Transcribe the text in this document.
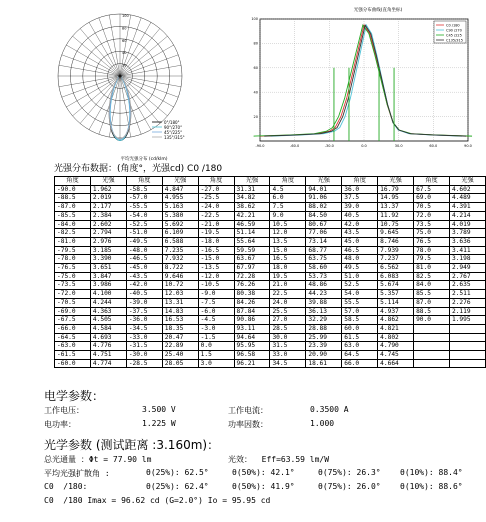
20
40
60
80
100
0°/180°
90°/270°
45°/225°
135°/315°
平均光强分布 (cd/klm)
光强分布曲线(直角坐标)
-90.0	-60.0	-30.0	0.0	30.0	60.0	90.0
20
40
60
80
100
C0 /180
C90 /270
C45 /225
C135/315
光强分布数据：(角度°，光强cd) C0 /180
角度	光强	角度	光强	角度	光强	角度	光强	角度	光强	角度	光强
-90.0	1.962	-58.5	4.847	-27.0	31.31	4.5	94.01	36.0	16.79	67.5	4.602
-88.5	2.019	-57.0	4.955	-25.5	34.82	6.0	91.06	37.5	14.95	69.0	4.489
-87.0	2.177	-55.5	5.163	-24.0	38.62	7.5	88.02	39.0	13.37	70.5	4.391
-85.5	2.384	-54.0	5.380	-22.5	42.21	9.0	84.50	40.5	11.92	72.0	4.214
-84.0	2.602	-52.5	5.692	-21.0	46.59	10.5	80.67	42.0	10.75	73.5	4.019
-82.5	2.794	-51.0	6.109	-19.5	51.14	12.0	77.06	43.5	9.645	75.0	3.789
-81.0	2.976	-49.5	6.588	-18.0	55.64	13.5	73.14	45.0	8.746	76.5	3.636
-79.5	3.185	-48.0	7.235	-16.5	59.59	15.0	68.77	46.5	7.939	78.0	3.411
-78.0	3.390	-46.5	7.932	-15.0	63.67	16.5	63.75	48.0	7.237	79.5	3.198
-76.5	3.651	-45.0	8.722	-13.5	67.97	18.0	58.60	49.5	6.562	81.0	2.949
-75.0	3.847	-43.5	9.646	-12.0	72.28	19.5	53.73	51.0	6.083	82.5	2.767
-73.5	3.986	-42.0	10.72	-10.5	76.26	21.0	48.86	52.5	5.674	84.0	2.635
-72.0	4.100	-40.5	12.03	-9.0	80.38	22.5	44.23	54.0	5.357	85.5	2.511
-70.5	4.244	-39.0	13.31	-7.5	84.26	24.0	39.88	55.5	5.114	87.0	2.276
-69.0	4.363	-37.5	14.83	-6.0	87.84	25.5	36.13	57.0	4.937	88.5	2.119
-67.5	4.505	-36.0	16.53	-4.5	90.86	27.0	32.29	58.5	4.862	90.0	1.995
-66.0	4.584	-34.5	18.35	-3.0	93.11	28.5	28.88	60.0	4.821		
-64.5	4.693	-33.0	20.47	-1.5	94.64	30.0	25.99	61.5	4.802		
-63.0	4.776	-31.5	22.89	0.0	95.95	31.5	23.39	63.0	4.790		
-61.5	4.751	-30.0	25.40	1.5	96.58	33.0	20.90	64.5	4.745		
-60.0	4.774	-28.5	28.05	3.0	96.21	34.5	18.61	66.0	4.664		
电学参数：
工作电压：	3.500 V	工作电流：	0.3500 A
电功率：	1.225 W	功率因数：	1.000
光学参数 (测试距离 :3.160m)：
总光通量 ：Φt = 77.90 lm	光效：  Eff=63.59 lm/W
平均光强扩散角 :	θ(25%): 62.5°	θ(50%): 42.1°	θ(75%): 26.3° θ(10%): 88.4°
C0  /180:	θ(25%): 62.4°	θ(50%): 41.9°	θ(75%): 26.0° θ(10%): 88.6°
C0  /180 Imax = 96.62 cd (G=2.0°) Io = 95.95 cd
